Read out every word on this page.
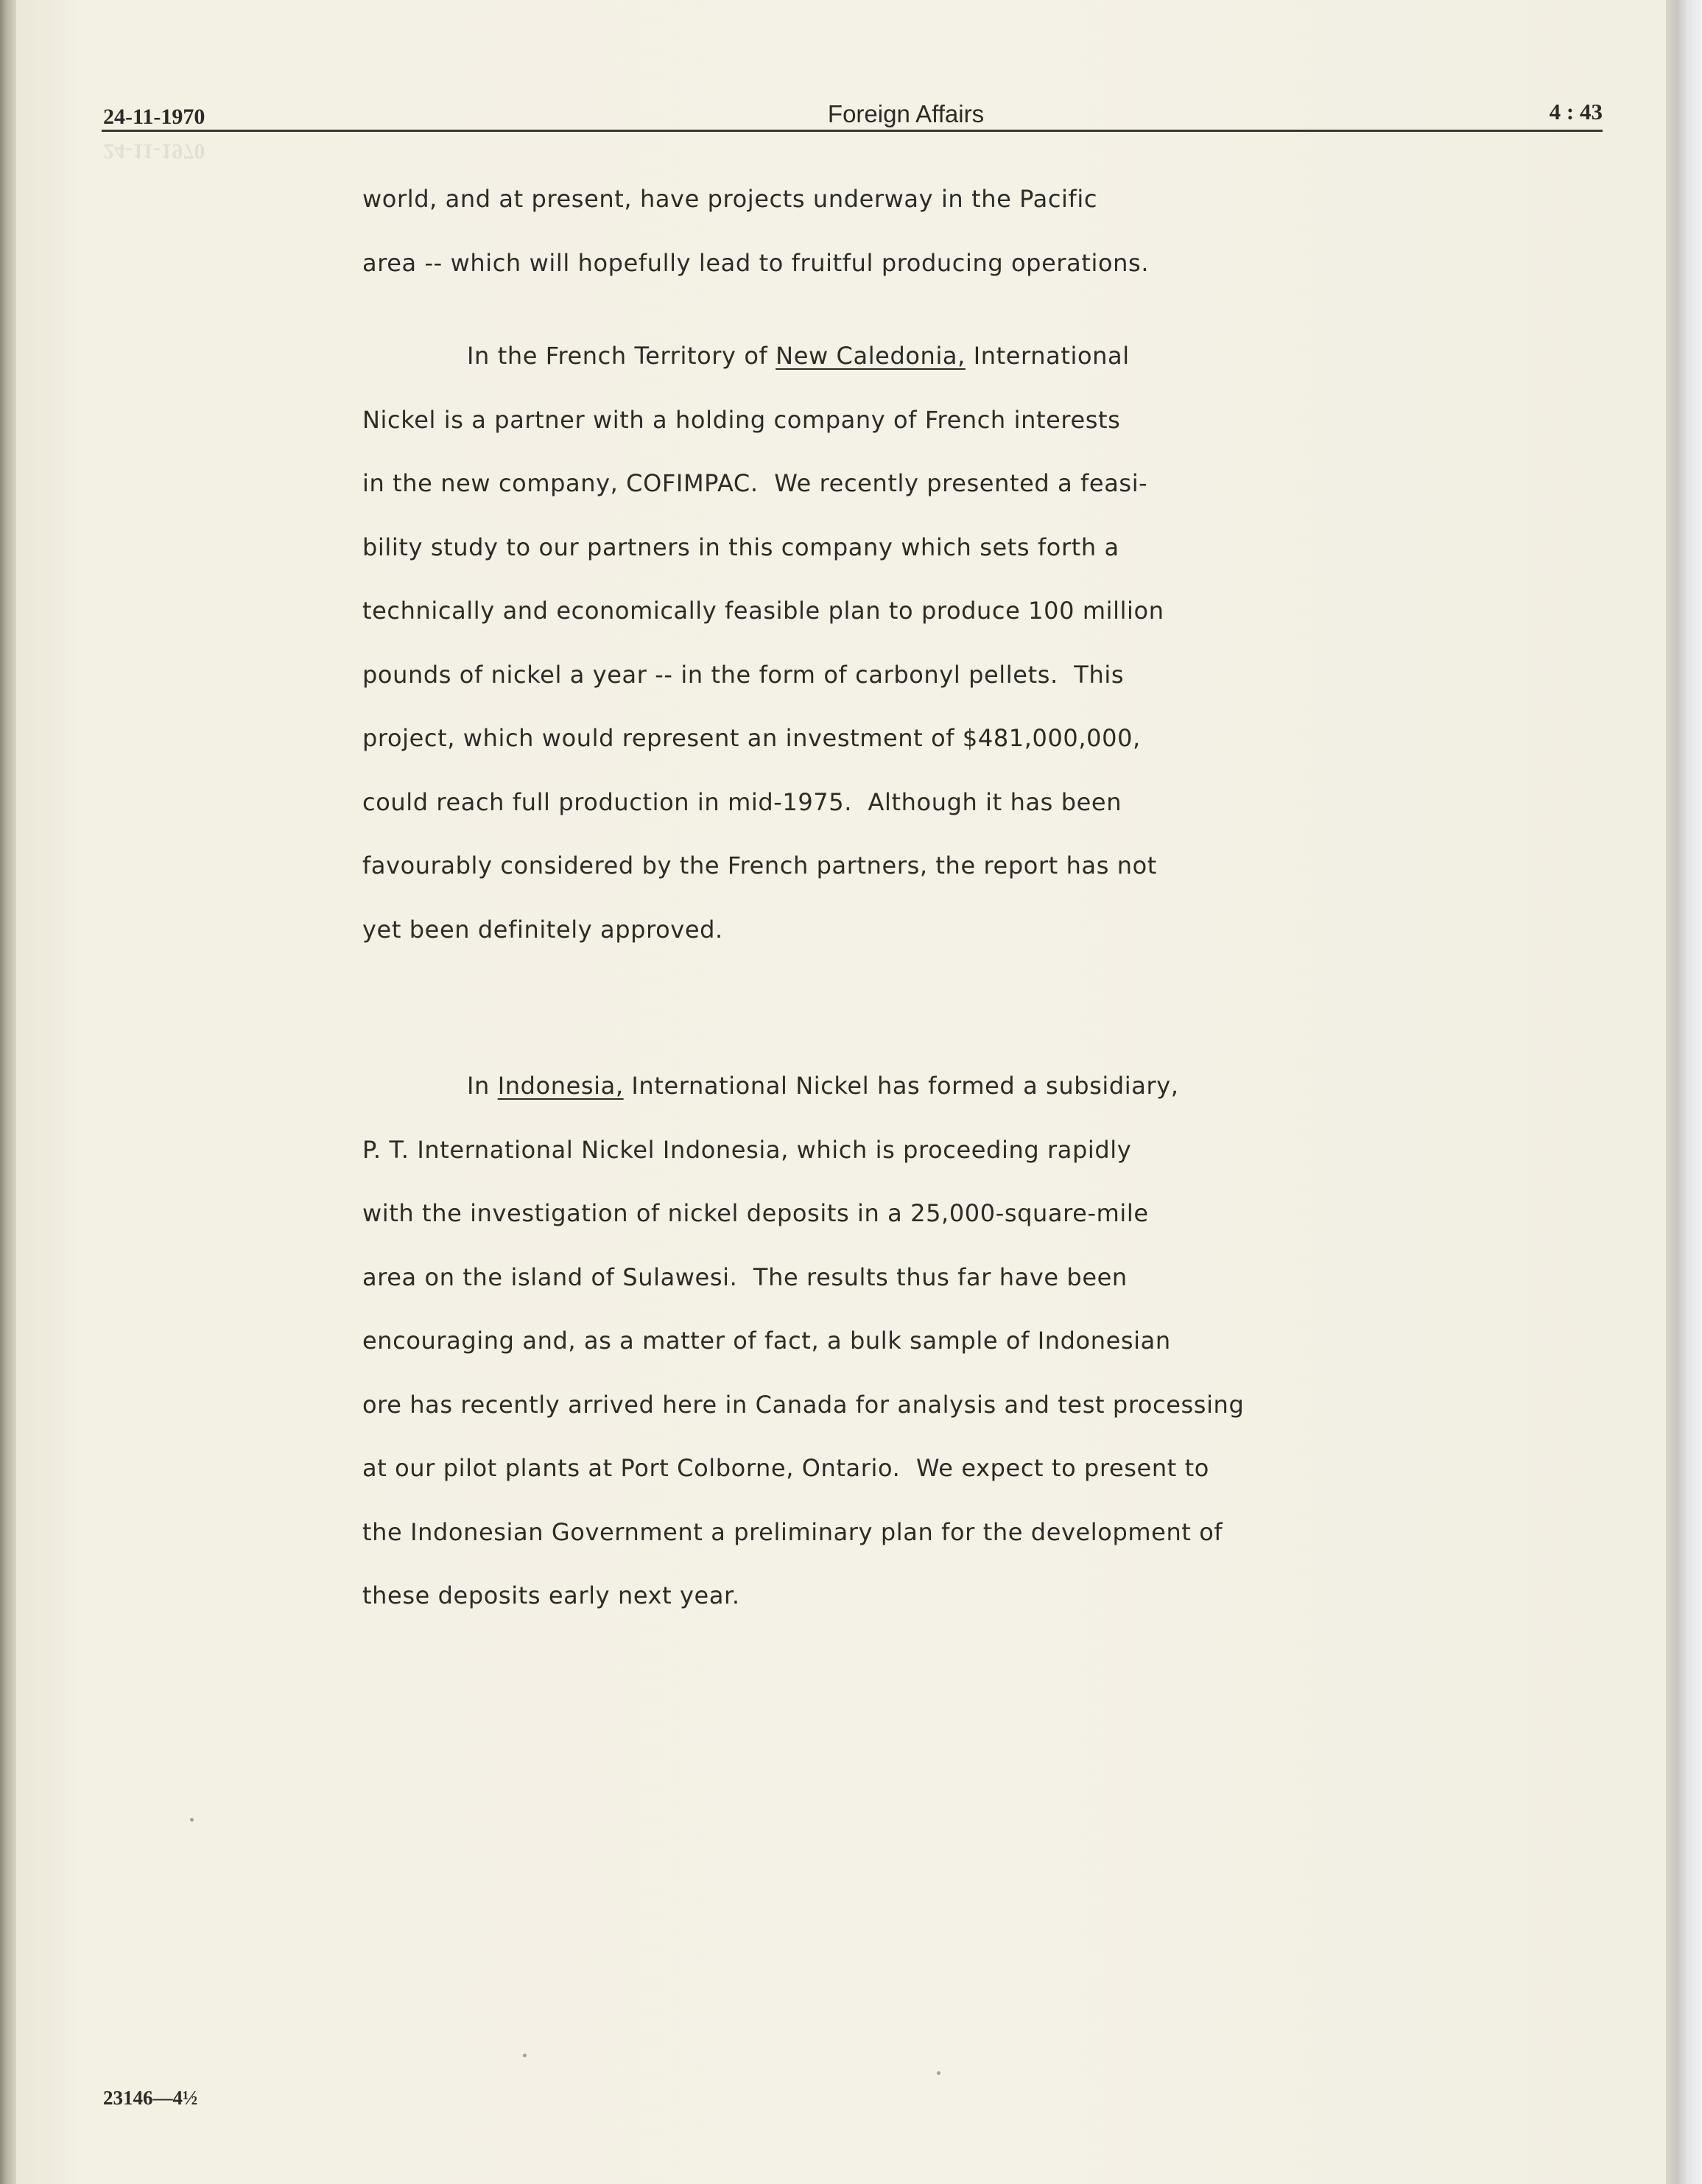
24-11-1970	Foreign Affairs	4 : 43
24-11-1970
world, and at present, have projects underway in the Pacific
area -- which will hopefully lead to fruitful producing operations.
In the French Territory of New Caledonia, International
Nickel is a partner with a holding company of French interests
in the new company, COFIMPAC.  We recently presented a feasi-
bility study to our partners in this company which sets forth a
technically and economically feasible plan to produce 100 million
pounds of nickel a year -- in the form of carbonyl pellets.  This
project, which would represent an investment of $481,000,000,
could reach full production in mid-1975.  Although it has been
favourably considered by the French partners, the report has not
yet been definitely approved.
In Indonesia, International Nickel has formed a subsidiary,
P. T. International Nickel Indonesia, which is proceeding rapidly
with the investigation of nickel deposits in a 25,000-square-mile
area on the island of Sulawesi.  The results thus far have been
encouraging and, as a matter of fact, a bulk sample of Indonesian
ore has recently arrived here in Canada for analysis and test processing
at our pilot plants at Port Colborne, Ontario.  We expect to present to
the Indonesian Government a preliminary plan for the development of
these deposits early next year.
23146—4½
